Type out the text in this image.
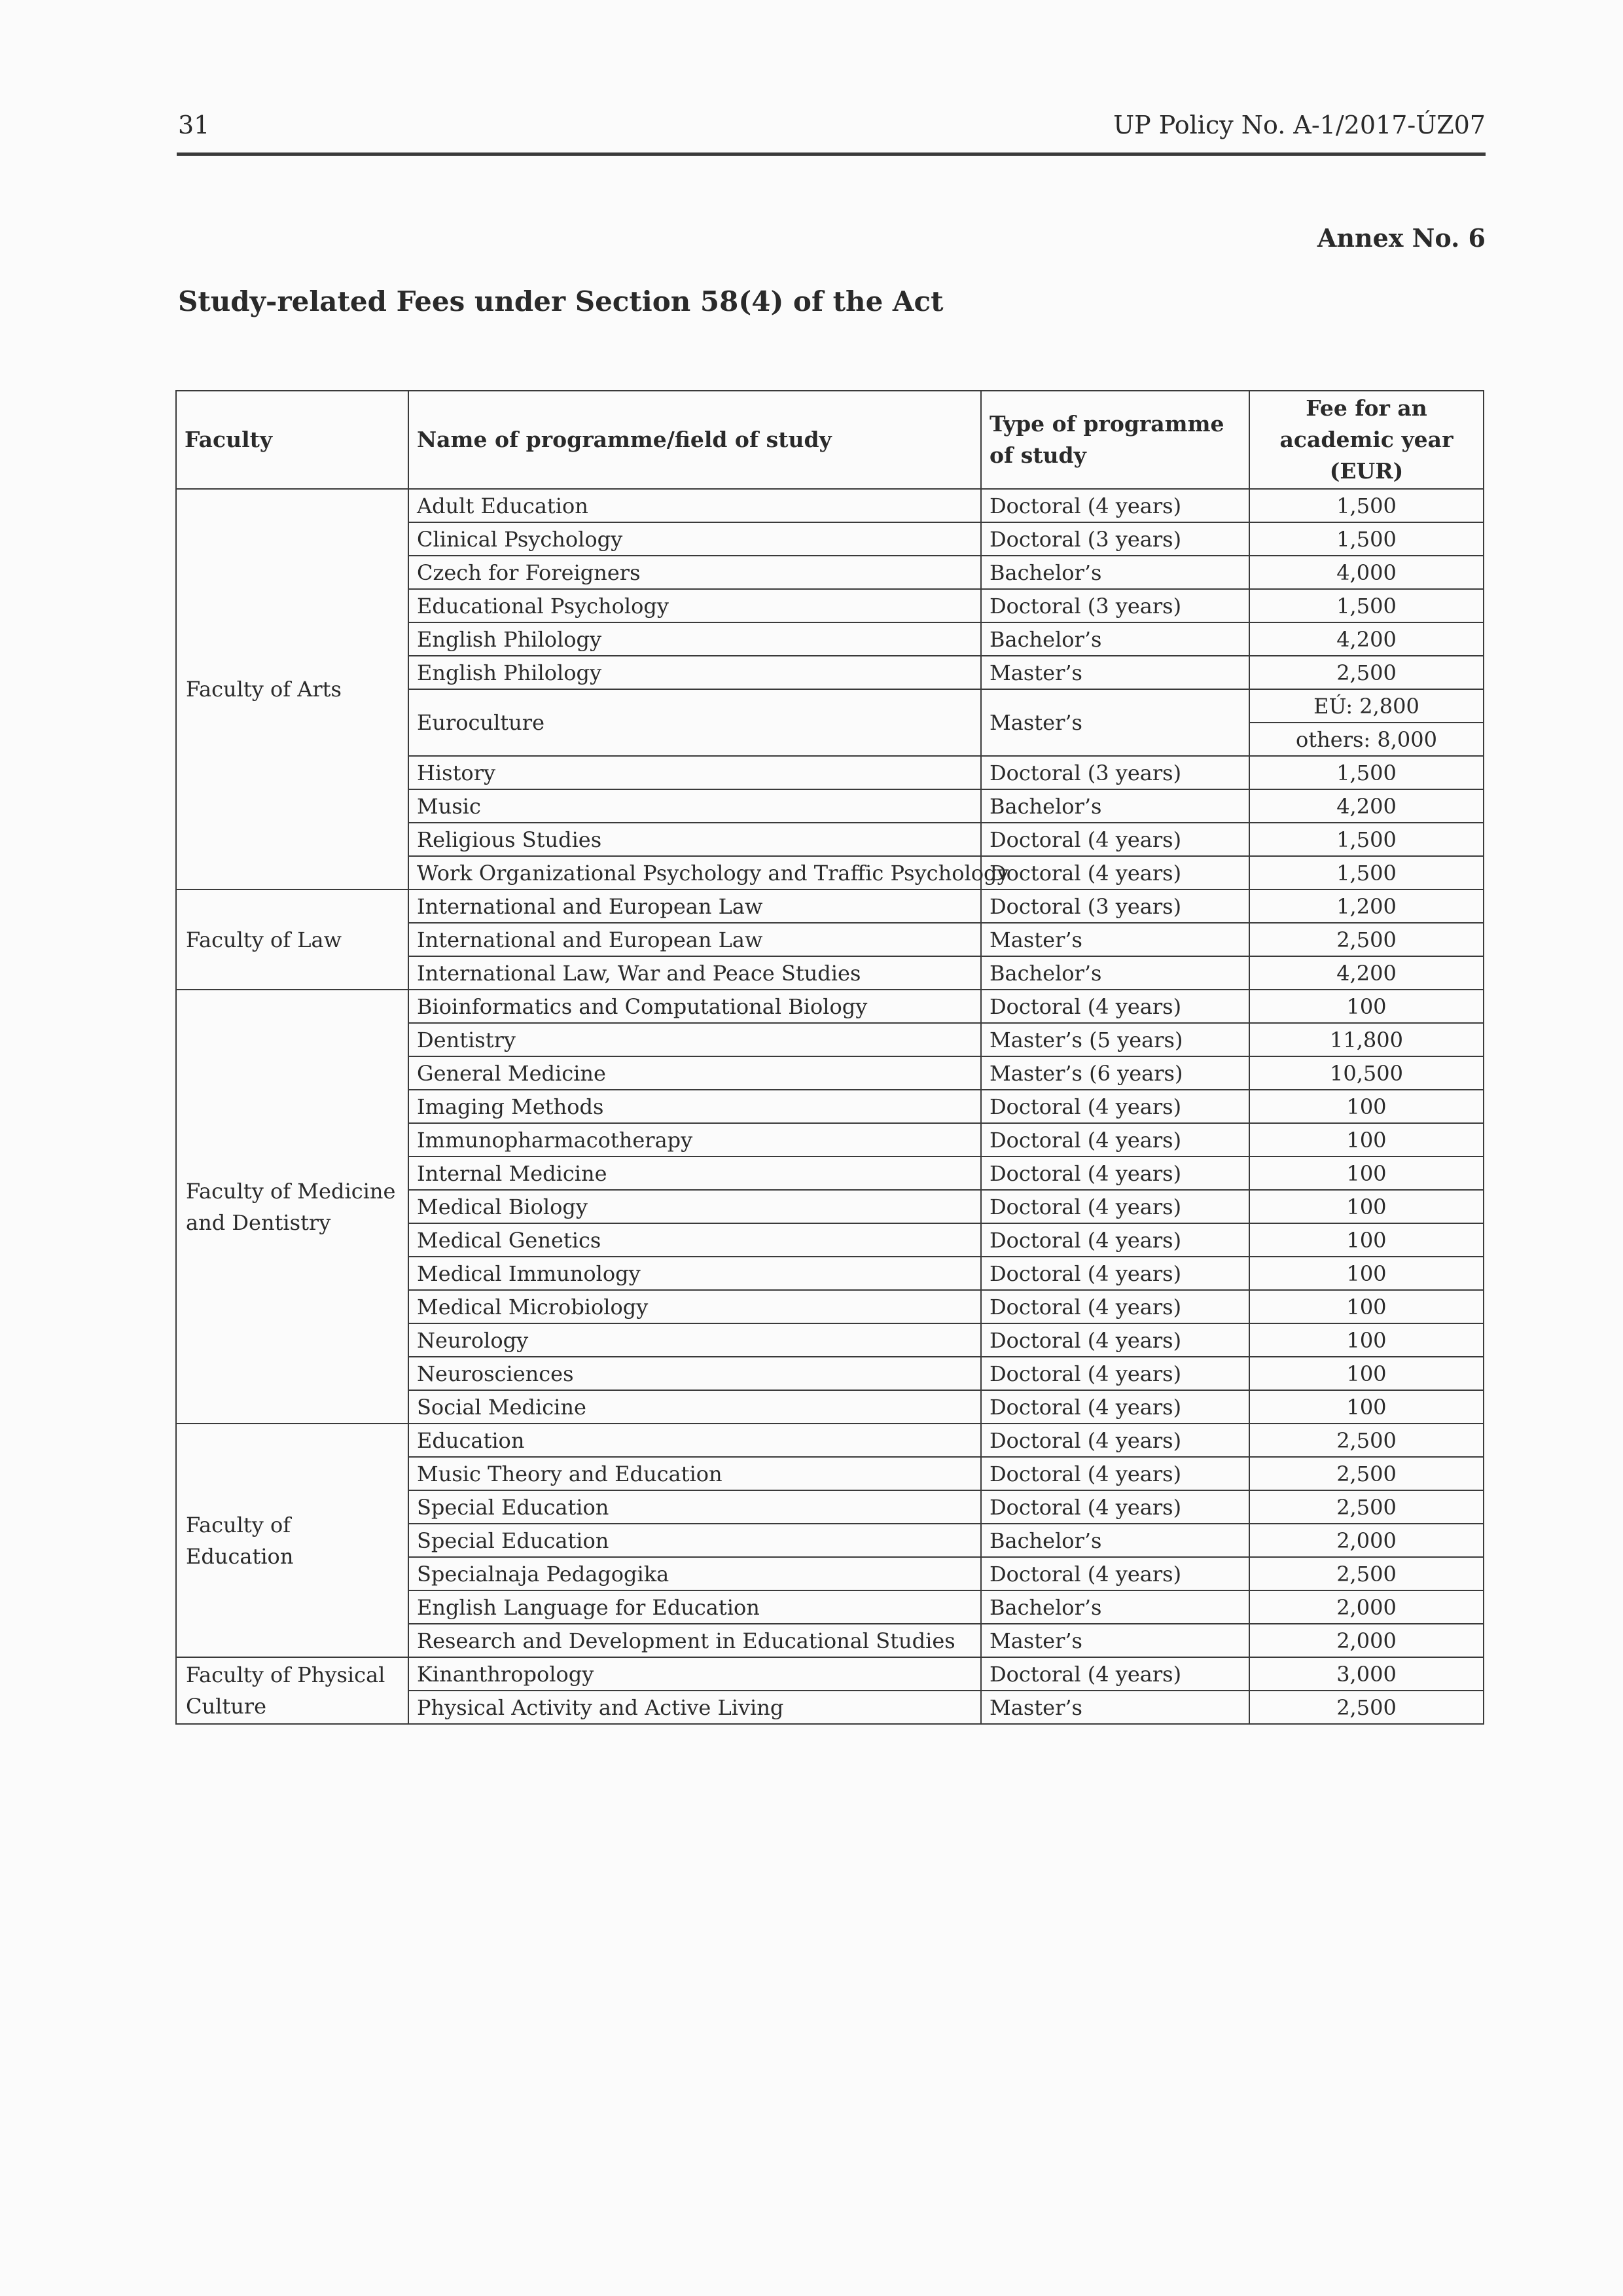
31	UP Policy No. A-1/2017-ÚZ07
Annex No. 6
Study-related Fees under Section 58(4) of the Act
Faculty	Name of programme/field of study	Type of programme of study	Fee for an academic year (EUR)
Faculty of Arts	Adult Education	Doctoral (4 years)	1,500
	Clinical Psychology	Doctoral (3 years)	1,500
	Czech for Foreigners	Bachelor’s	4,000
	Educational Psychology	Doctoral (3 years)	1,500
	English Philology	Bachelor’s	4,200
	English Philology	Master’s	2,500
	Euroculture	Master’s	EÚ: 2,800
			others: 8,000
	History	Doctoral (3 years)	1,500
	Music	Bachelor’s	4,200
	Religious Studies	Doctoral (4 years)	1,500
	Work Organizational Psychology and Traffic Psychology	Doctoral (4 years)	1,500
Faculty of Law	International and European Law	Doctoral (3 years)	1,200
	International and European Law	Master’s	2,500
	International Law, War and Peace Studies	Bachelor’s	4,200
Faculty of Medicine and Dentistry	Bioinformatics and Computational Biology	Doctoral (4 years)	100
	Dentistry	Master’s (5 years)	11,800
	General Medicine	Master’s (6 years)	10,500
	Imaging Methods	Doctoral (4 years)	100
	Immunopharmacotherapy	Doctoral (4 years)	100
	Internal Medicine	Doctoral (4 years)	100
	Medical Biology	Doctoral (4 years)	100
	Medical Genetics	Doctoral (4 years)	100
	Medical Immunology	Doctoral (4 years)	100
	Medical Microbiology	Doctoral (4 years)	100
	Neurology	Doctoral (4 years)	100
	Neurosciences	Doctoral (4 years)	100
	Social Medicine	Doctoral (4 years)	100
Faculty of Education	Education	Doctoral (4 years)	2,500
	Music Theory and Education	Doctoral (4 years)	2,500
	Special Education	Doctoral (4 years)	2,500
	Special Education	Bachelor’s	2,000
	Specialnaja Pedagogika	Doctoral (4 years)	2,500
	English Language for Education	Bachelor’s	2,000
	Research and Development in Educational Studies	Master’s	2,000
Faculty of Physical Culture	Kinanthropology	Doctoral (4 years)	3,000
	Physical Activity and Active Living	Master’s	2,500
